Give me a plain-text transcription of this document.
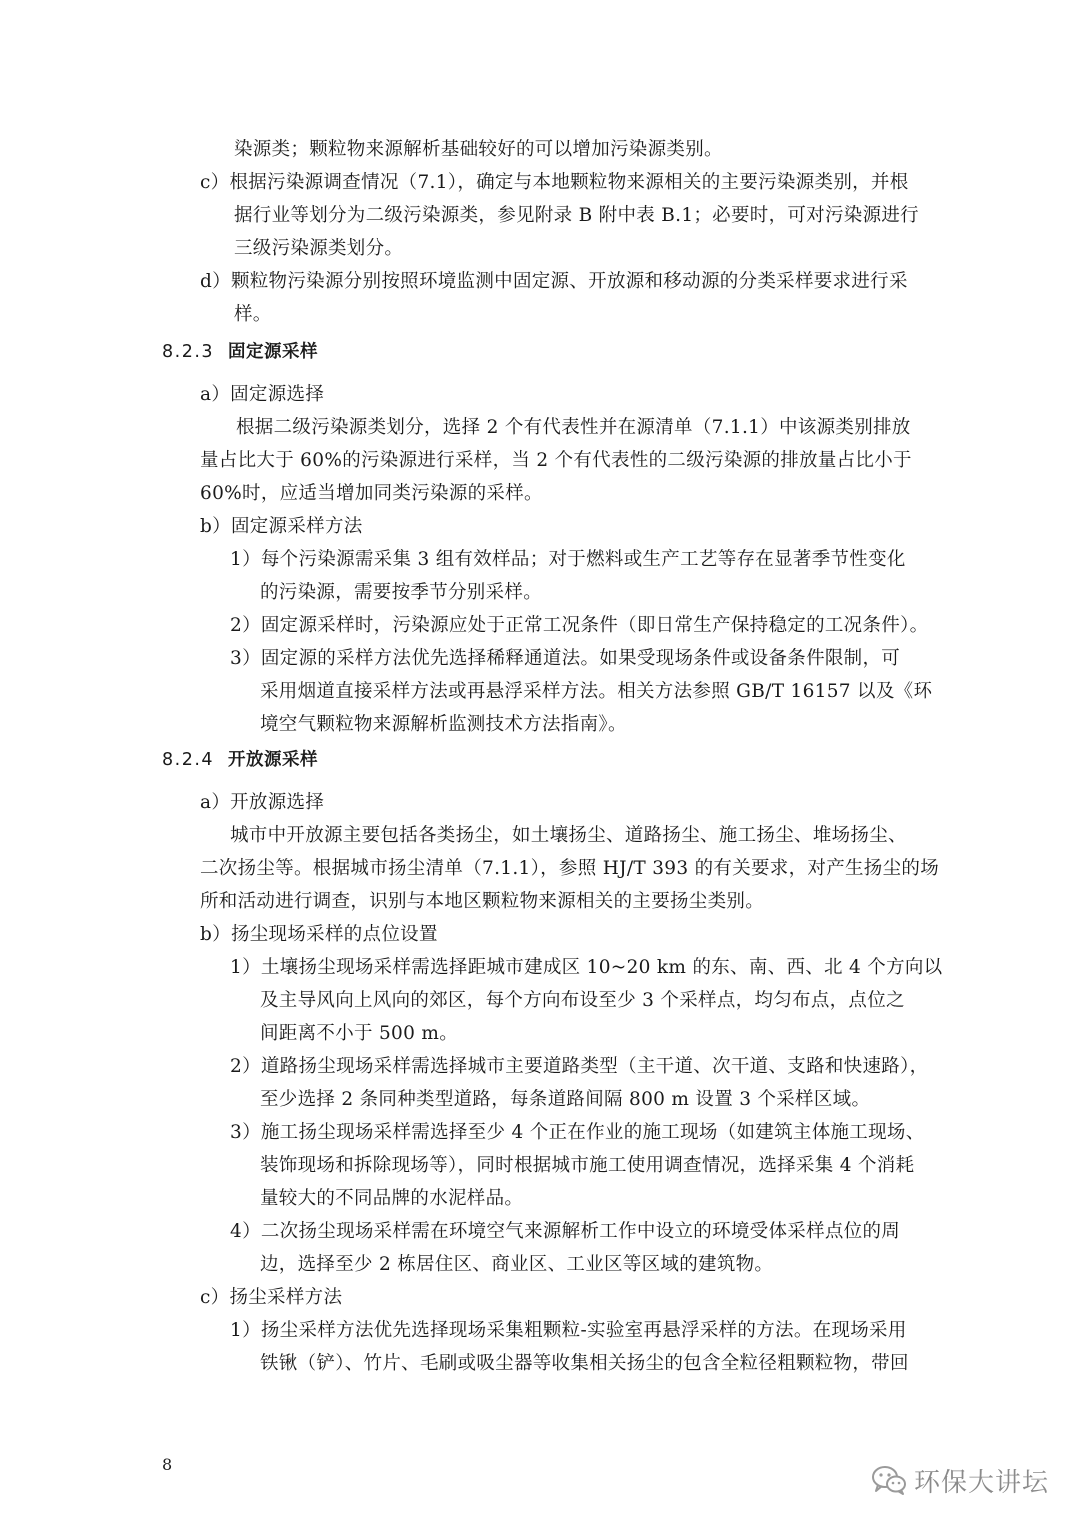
染源类；颗粒物来源解析基础较好的可以增加污染源类别。
c）根据污染源调查情况（7.1），确定与本地颗粒物来源相关的主要污染源类别，并根
据行业等划分为二级污染源类，参见附录 B 附中表 B.1；必要时，可对污染源进行
三级污染源类划分。
d）颗粒物污染源分别按照环境监测中固定源、开放源和移动源的分类采样要求进行采
样。
8.2.3 固定源采样
a）固定源选择
根据二级污染源类划分，选择 2 个有代表性并在源清单（7.1.1）中该源类别排放
量占比大于 60%的污染源进行采样，当 2 个有代表性的二级污染源的排放量占比小于
60%时，应适当增加同类污染源的采样。
b）固定源采样方法
1）每个污染源需采集 3 组有效样品；对于燃料或生产工艺等存在显著季节性变化
的污染源，需要按季节分别采样。
2）固定源采样时，污染源应处于正常工况条件（即日常生产保持稳定的工况条件）。
3）固定源的采样方法优先选择稀释通道法。如果受现场条件或设备条件限制，可
采用烟道直接采样方法或再悬浮采样方法。相关方法参照 GB/T 16157 以及《环
境空气颗粒物来源解析监测技术方法指南》。
8.2.4 开放源采样
a）开放源选择
城市中开放源主要包括各类扬尘，如土壤扬尘、道路扬尘、施工扬尘、堆场扬尘、
二次扬尘等。根据城市扬尘清单（7.1.1），参照 HJ/T 393 的有关要求，对产生扬尘的场
所和活动进行调查，识别与本地区颗粒物来源相关的主要扬尘类别。
b）扬尘现场采样的点位设置
1）土壤扬尘现场采样需选择距城市建成区 10~20 km 的东、南、西、北 4 个方向以
及主导风向上风向的郊区，每个方向布设至少 3 个采样点，均匀布点，点位之
间距离不小于 500 m。
2）道路扬尘现场采样需选择城市主要道路类型（主干道、次干道、支路和快速路），
至少选择 2 条同种类型道路，每条道路间隔 800 m 设置 3 个采样区域。
3）施工扬尘现场采样需选择至少 4 个正在作业的施工现场（如建筑主体施工现场、
装饰现场和拆除现场等），同时根据城市施工使用调查情况，选择采集 4 个消耗
量较大的不同品牌的水泥样品。
4）二次扬尘现场采样需在环境空气来源解析工作中设立的环境受体采样点位的周
边，选择至少 2 栋居住区、商业区、工业区等区域的建筑物。
c）扬尘采样方法
1）扬尘采样方法优先选择现场采集粗颗粒-实验室再悬浮采样的方法。在现场采用
铁锹（铲）、竹片、毛刷或吸尘器等收集相关扬尘的包含全粒径粗颗粒物，带回
8
环保大讲坛
